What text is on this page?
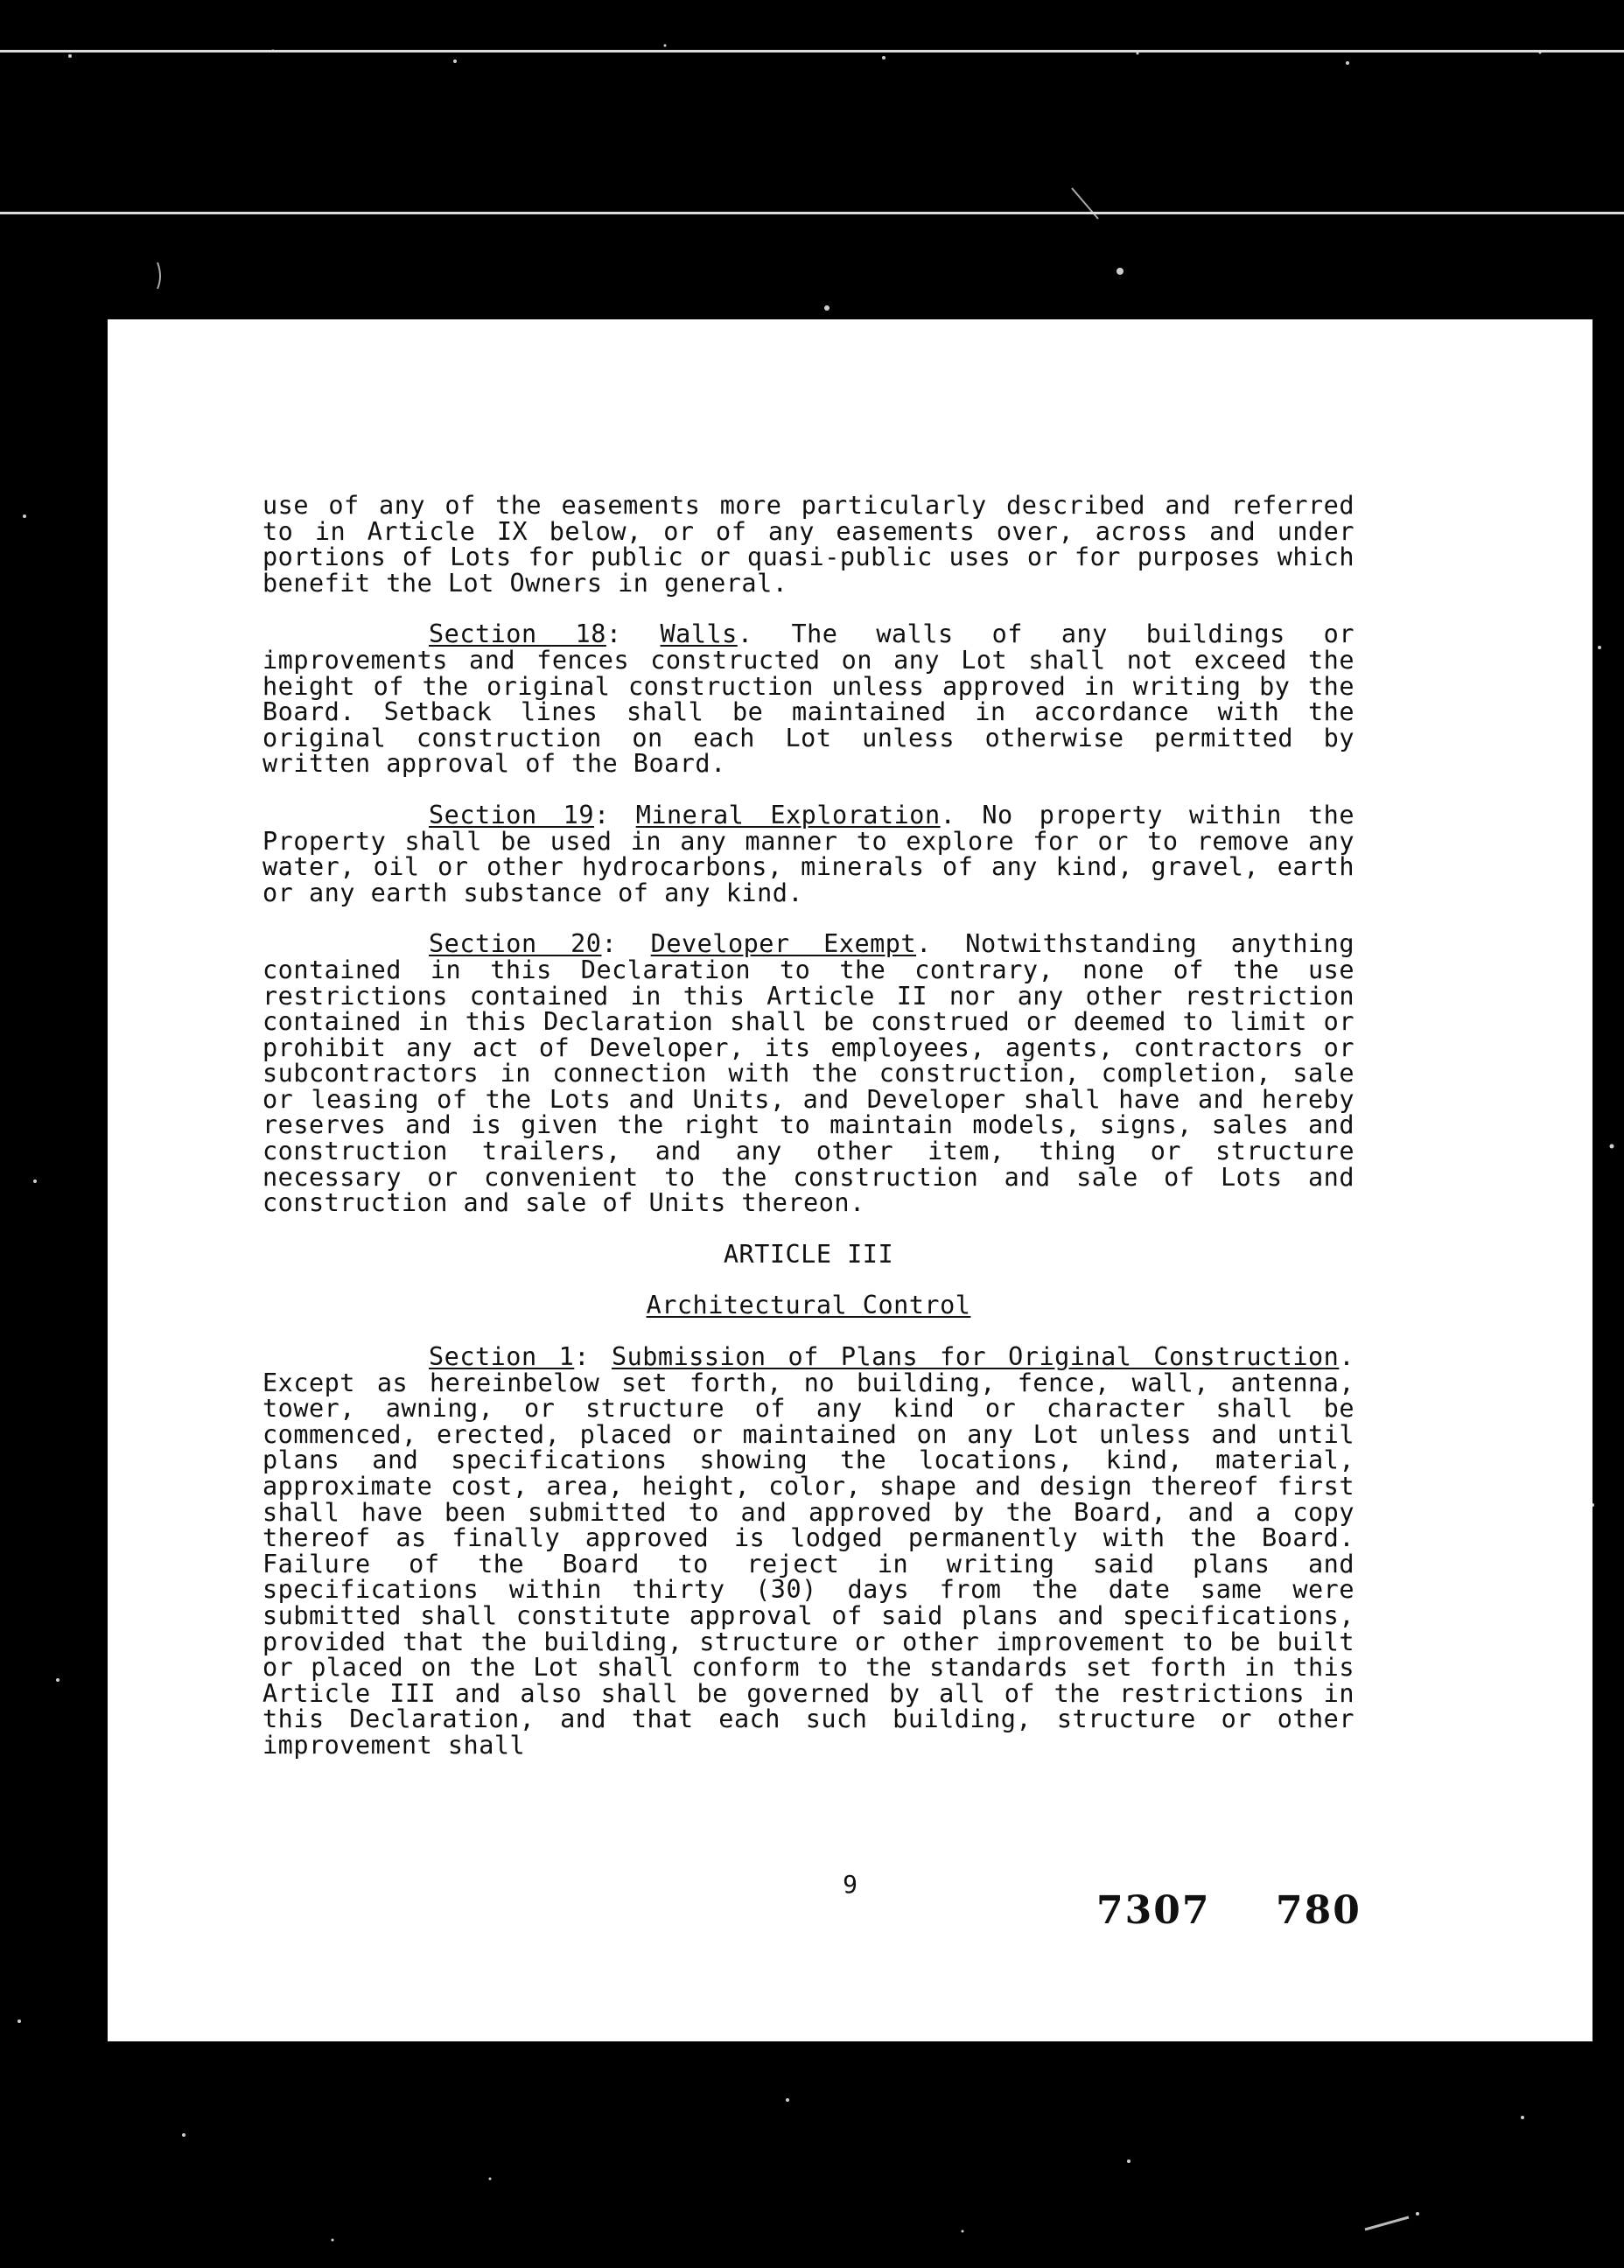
use of any of the easements more particularly described and referred to in Article IX below, or of any easements over, across and under portions of Lots for public or quasi-public uses or for purposes which benefit the Lot Owners in general.

Section 18: Walls. The walls of any buildings or improvements and fences constructed on any Lot shall not exceed the height of the original construction unless approved in writing by the Board. Setback lines shall be maintained in accordance with the original construction on each Lot unless otherwise permitted by written approval of the Board.

Section 19: Mineral Exploration. No property within the Property shall be used in any manner to explore for or to remove any water, oil or other hydrocarbons, minerals of any kind, gravel, earth or any earth substance of any kind.

Section 20: Developer Exempt. Notwithstanding anything contained in this Declaration to the contrary, none of the use restrictions contained in this Article II nor any other restriction contained in this Declaration shall be construed or deemed to limit or prohibit any act of Developer, its employees, agents, contractors or subcontractors in connection with the construction, completion, sale or leasing of the Lots and Units, and Developer shall have and hereby reserves and is given the right to maintain models, signs, sales and construction trailers, and any other item, thing or structure necessary or convenient to the construction and sale of Lots and construction and sale of Units thereon.

ARTICLE III
Architectural Control

Section 1: Submission of Plans for Original Construction. Except as hereinbelow set forth, no building, fence, wall, antenna, tower, awning, or structure of any kind or character shall be commenced, erected, placed or maintained on any Lot unless and until plans and specifications showing the locations, kind, material, approximate cost, area, height, color, shape and design thereof first shall have been submitted to and approved by the Board, and a copy thereof as finally approved is lodged permanently with the Board. Failure of the Board to reject in writing said plans and specifications within thirty (30) days from the date same were submitted shall constitute approval of said plans and specifications, provided that the building, structure or other improvement to be built or placed on the Lot shall conform to the standards set forth in this Article III and also shall be governed by all of the restrictions in this Declaration, and that each such building, structure or other improvement shall

9
7307 780
